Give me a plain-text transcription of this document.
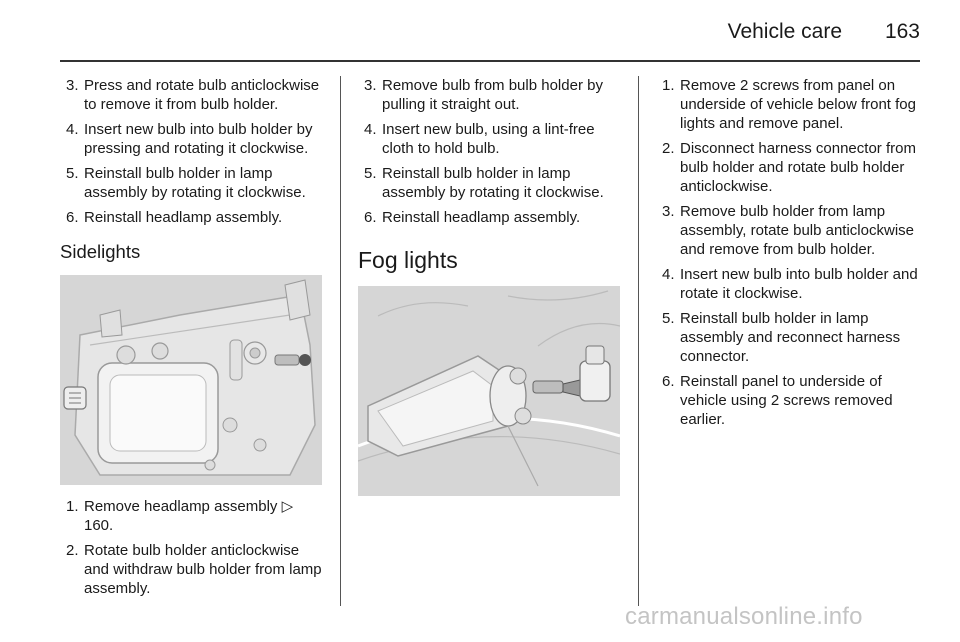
Vehicle care 163
3. Press and rotate bulb anticlockwise to remove it from bulb holder.
4. Insert new bulb into bulb holder by pressing and rotating it clockwise.
5. Reinstall bulb holder in lamp assembly by rotating it clockwise.
6. Reinstall headlamp assembly.
Sidelights
1. Remove headlamp assembly ▷ 160.
2. Rotate bulb holder anticlockwise and withdraw bulb holder from lamp assembly.
3. Remove bulb from bulb holder by pulling it straight out.
4. Insert new bulb, using a lint-free cloth to hold bulb.
5. Reinstall bulb holder in lamp assembly by rotating it clockwise.
6. Reinstall headlamp assembly.
Fog lights
1. Remove 2 screws from panel on underside of vehicle below front fog lights and remove panel.
2. Disconnect harness connector from bulb holder and rotate bulb holder anticlockwise.
3. Remove bulb holder from lamp assembly, rotate bulb anticlockwise and remove from bulb holder.
4. Insert new bulb into bulb holder and rotate it clockwise.
5. Reinstall bulb holder in lamp assembly and reconnect harness connector.
6. Reinstall panel to underside of vehicle using 2 screws removed earlier.
carmanualsonline.info
